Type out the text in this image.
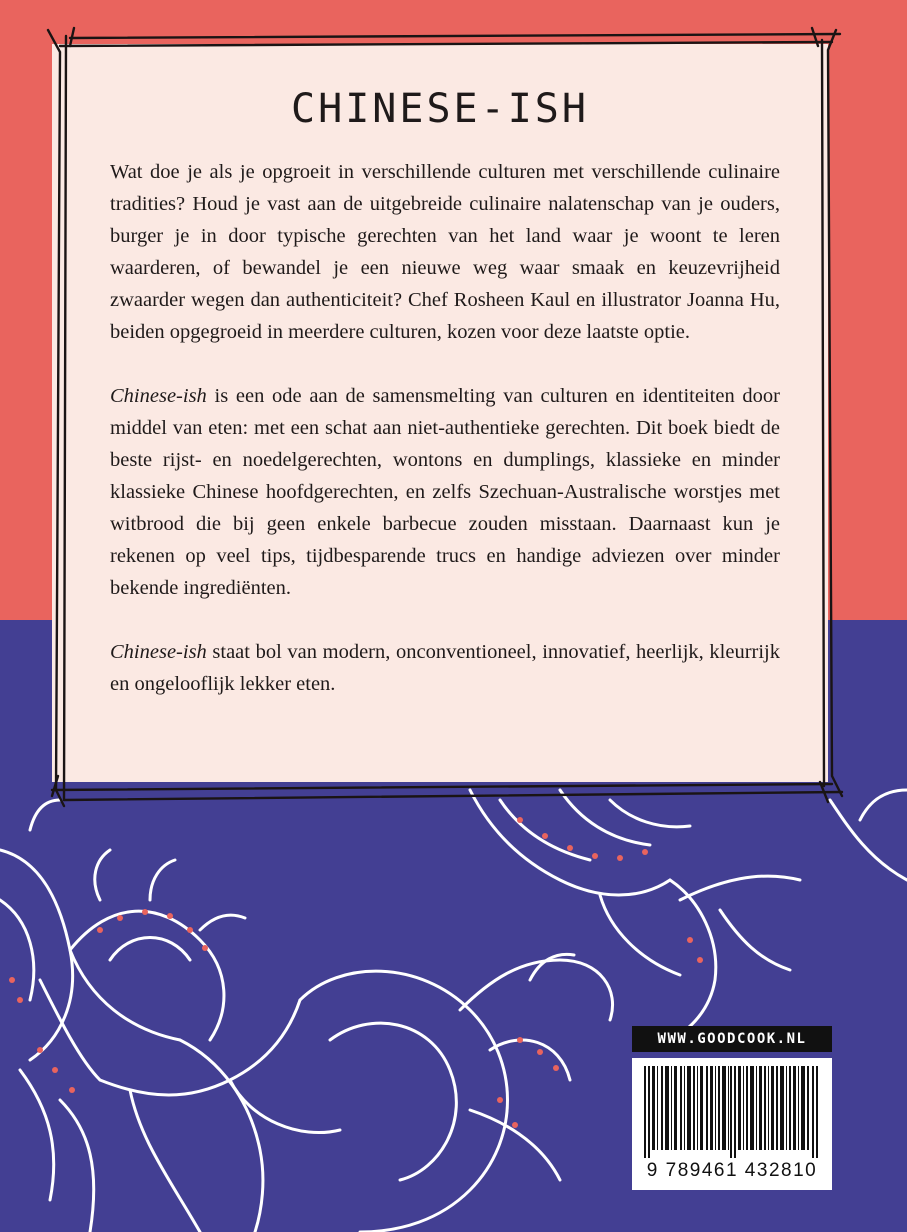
CHINESE-ISH

Wat doe je als je opgroeit in verschillende culturen met verschillende culinaire tradities? Houd je vast aan de uitgebreide culinaire nalatenschap van je ouders, burger je in door typische gerechten van het land waar je woont te leren waarderen, of bewandel je een nieuwe weg waar smaak en keuzevrijheid zwaarder wegen dan authenticiteit? Chef Rosheen Kaul en illustrator Joanna Hu, beiden opgegroeid in meerdere culturen, kozen voor deze laatste optie.

Chinese-ish is een ode aan de samensmelting van culturen en identiteiten door middel van eten: met een schat aan niet-authentieke gerechten. Dit boek biedt de beste rijst- en noedelgerechten, wontons en dumplings, klassieke en minder klassieke Chinese hoofdgerechten, en zelfs Szechuan-Australische worstjes met witbrood die bij geen enkele barbecue zouden misstaan. Daarnaast kun je rekenen op veel tips, tijdbesparende trucs en handige adviezen over minder bekende ingrediënten.

Chinese-ish staat bol van modern, onconventioneel, innovatief, heerlijk, kleurrijk en ongelooflijk lekker eten.

WWW.GOODCOOK.NL
9 789461 432810
